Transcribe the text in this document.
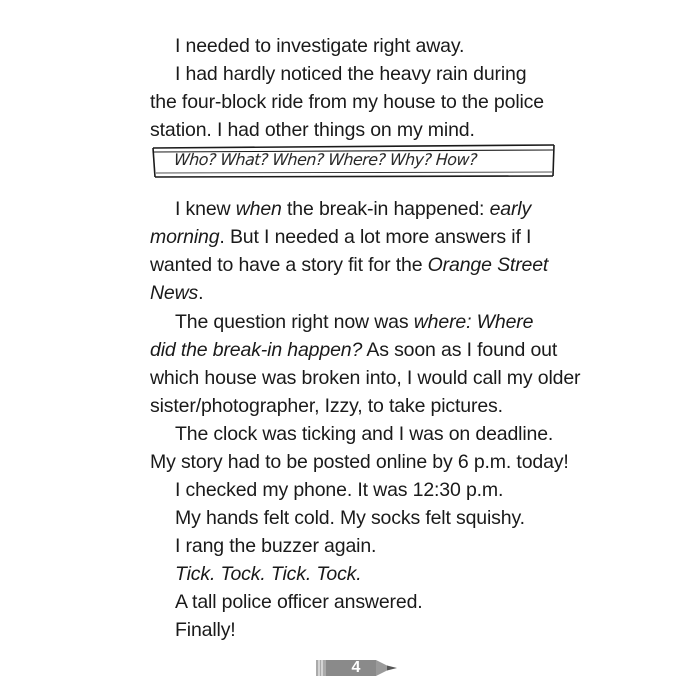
I needed to investigate right away.
I had hardly noticed the heavy rain during
the four-block ride from my house to the police
station. I had other things on my mind.
Who? What? When? Where? Why? How?
I knew when the break-in happened: early
morning. But I needed a lot more answers if I
wanted to have a story fit for the Orange Street
News.
The question right now was where: Where
did the break-in happen? As soon as I found out
which house was broken into, I would call my older
sister/photographer, Izzy, to take pictures.
The clock was ticking and I was on deadline.
My story had to be posted online by 6 p.m. today!
I checked my phone. It was 12:30 p.m.
My hands felt cold. My socks felt squishy.
I rang the buzzer again.
Tick. Tock. Tick. Tock.
A tall police officer answered.
Finally!
4
